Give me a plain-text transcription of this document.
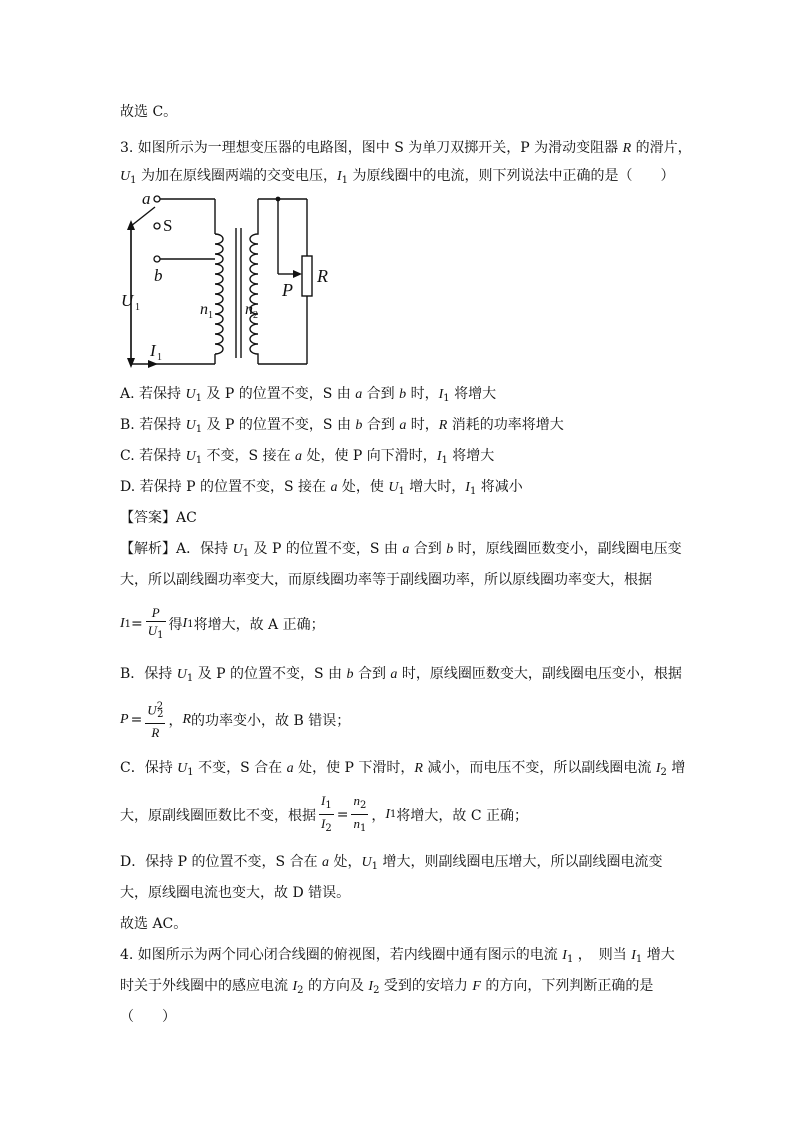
故选 C。
3. 如图所示为一理想变压器的电路图，图中 S 为单刀双掷开关，P 为滑动变阻器 R 的滑片，
$U_1$ 为加在原线圈两端的交变电压，$I_1$ 为原线圈中的电流，则下列说法中正确的是（　　）
a
S
b
U 1	n 1 n 2
P
R
I 1
A. 若保持 $U_1$ 及 P 的位置不变，S 由 a 合到 b 时，$I_1$ 将增大
B. 若保持 $U_1$ 及 P 的位置不变，S 由 b 合到 a 时，R 消耗的功率将增大
C. 若保持 $U_1$ 不变，S 接在 a 处，使 P 向下滑时，$I_1$ 将增大
D. 若保持 P 的位置不变，S 接在 a 处，使 $U_1$ 增大时，$I_1$ 将减小
【答案】AC
【解析】A．保持 $U_1$ 及 P 的位置不变，S 由 a 合到 b 时，原线圈匝数变小，副线圈电压变
大，所以副线圈功率变大，而原线圈功率等于副线圈功率，所以原线圈功率变大，根据
I $1 = \frac{P}{U_1}$ 得 I 1 将增大，故 A 正确；
B．保持 $U_1$ 及 P 的位置不变，S 由 b 合到 a 时，原线圈匝数变大，副线圈电压变小，根据
$P = \frac{U^2_2}{R}$ ， R 的功率变小，故 B 错误；
C．保持 $U_1$ 不变，S 合在 a 处，使 P 下滑时，R 减小，而电压不变，所以副线圈电流 $I_2$ 增
大，原副线圈匝数比不变，根据 $\frac{I_1}{I_2} = \frac{n_2}{n_1}$ ， I 1 将增大，故 C 正确；
D．保持 P 的位置不变，S 合在 a 处，$U_1$ 增大，则副线圈电压增大，所以副线圈电流变
大，原线圈电流也变大，故 D 错误。
故选 AC。
4. 如图所示为两个同心闭合线圈的俯视图，若内线圈中通有图示的电流 $I_1$ ，　则当 $I_1$ 增大
时关于外线圈中的感应电流 $I_2$ 的方向及 $I_2$ 受到的安培力 F 的方向，下列判断正确的是
（　　）
